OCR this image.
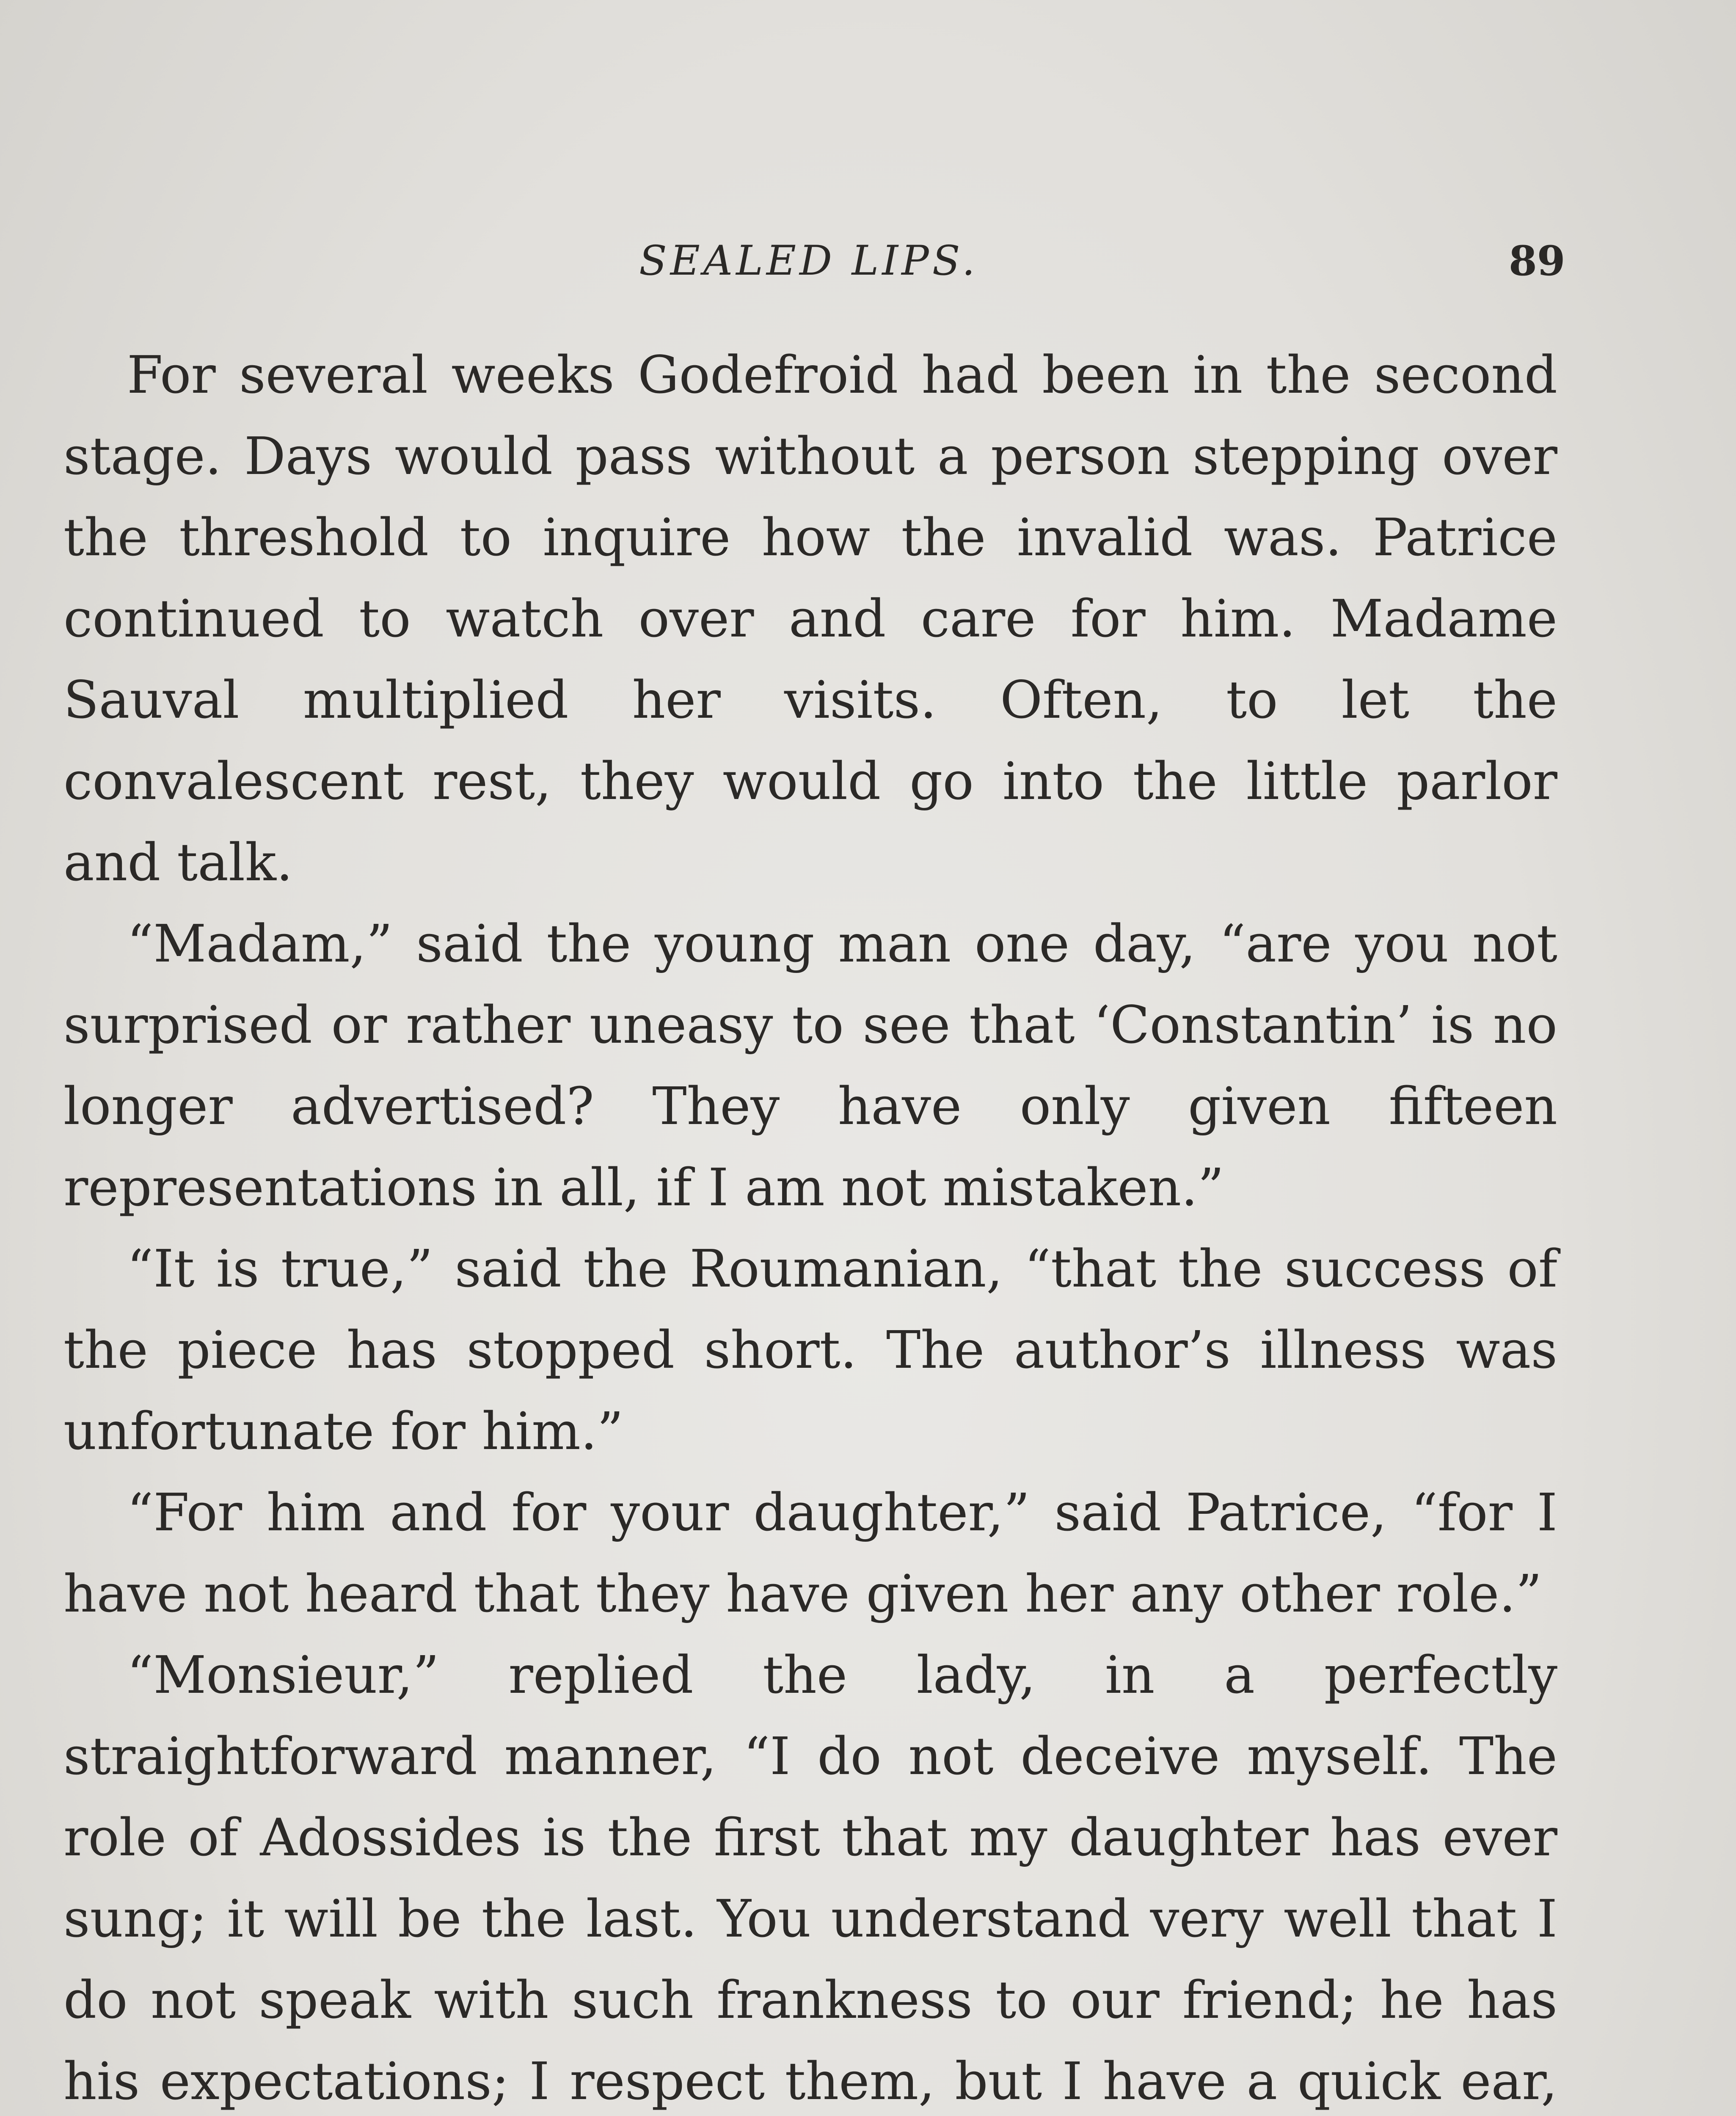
SEALED LIPS.	89

For several weeks Godefroid had been in the second stage. Days would pass without a person stepping over the threshold to inquire how the invalid was. Patrice continued to watch over and care for him. Madame Sauval multiplied her visits. Often, to let the convalescent rest, they would go into the little parlor and talk.

“Madam,” said the young man one day, “are you not surprised or rather uneasy to see that ‘Constantin’ is no longer advertised? They have only given fifteen representations in all, if I am not mistaken.”

“It is true,” said the Roumanian, “that the success of the piece has stopped short. The author’s illness was unfortunate for him.”

“For him and for your daughter,” said Patrice, “for I have not heard that they have given her any other role.”

“Monsieur,” replied the lady, in a perfectly straightforward manner, “I do not deceive myself. The role of Adossides is the first that my daughter has ever sung; it will be the last. You understand very well that I do not speak with such frankness to our friend; he has his expectations; I respect them, but I have a quick ear,
